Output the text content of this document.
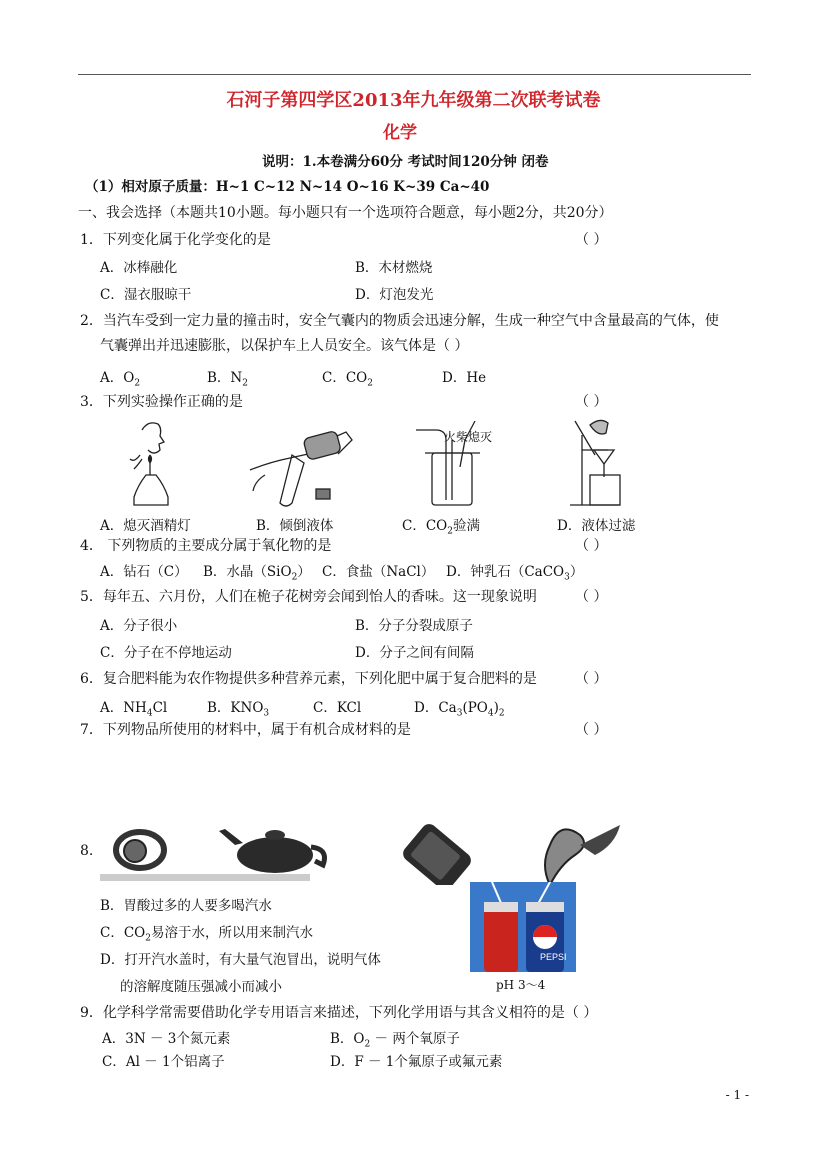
石河子第四学区2013年九年级第二次联考试卷
化学
说明：1.本卷满分60分 考试时间120分钟 闭卷
（1）相对原子质量：H~1 C~12 N~14 O~16 K~39 Ca~40
一、我会选择（本题共10小题。每小题只有一个选项符合题意，每小题2分，共20分）
1．下列变化属于化学变化的是	（ ）
A．冰棒融化	B．木材燃烧
C．湿衣服晾干	D．灯泡发光
2．当汽车受到一定力量的撞击时，安全气囊内的物质会迅速分解，生成一种空气中含量最高的气体，使
气囊弹出并迅速膨胀，以保护车上人员安全。该气体是（ ）
A．$O_2$	B．$N_2$	C．$CO_2$	D．He
3．下列实验操作正确的是	（ ）
火柴熄灭
A．熄灭酒精灯	B．倾倒液体	C．$CO_2$验满	D．液体过滤
4． 下列物质的主要成分属于氧化物的是	（ ）
A．钻石（C） B．水晶（SiO$_2$） C．食盐（NaCl） D．钟乳石（CaCO$_3$）
5．每年五、六月份，人们在桅子花树旁会闻到怡人的香味。这一现象说明	（ ）
A．分子很小	B．分子分裂成原子
C．分子在不停地运动	D．分子之间有间隔
6．复合肥料能为农作物提供多种营养元素，下列化肥中属于复合肥料的是	（ ）
A．$NH_4Cl$	B．$KNO_3$	C．KCl	D．$Ca_3(PO_4)_2$
7．下列物品所使用的材料中，属于有机合成材料的是	（ ）
8.
B．胃酸过多的人要多喝汽水
C．$CO_2$易溶于水，所以用来制汽水
D．打开汽水盖时，有大量气泡冒出，说明气体
的溶解度随压强减小而减小
PEPSI
pH 3～4
9．化学科学常需要借助化学专用语言来描述，下列化学用语与其含义相符的是（ ）
A．3N － 3个氮元素	B．$O_2$ － 两个氧原子
C．Al － 1个铝离子	D．F － 1个氟原子或氟元素
- 1 -
